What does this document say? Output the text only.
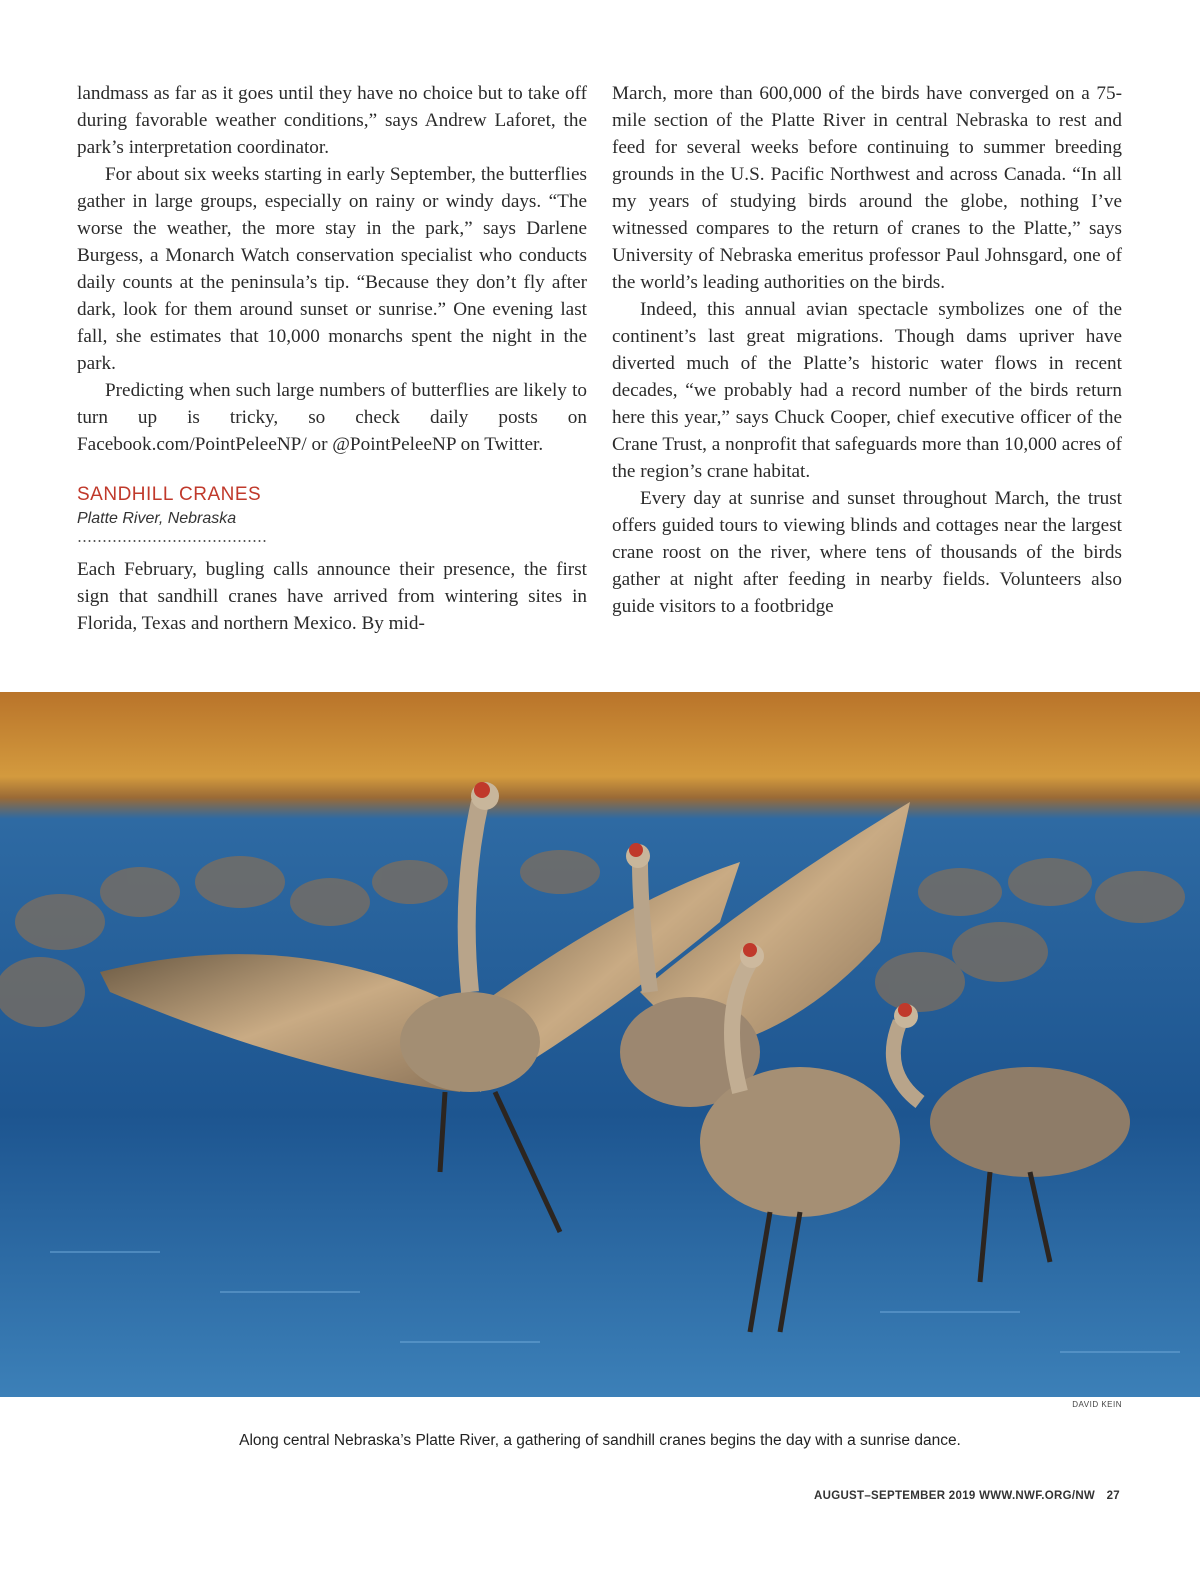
landmass as far as it goes until they have no choice but to take off during favorable weather conditions,” says Andrew Laforet, the park’s interpretation coordinator.

For about six weeks starting in early September, the butterflies gather in large groups, especially on rainy or windy days. “The worse the weather, the more stay in the park,” says Darlene Burgess, a Monarch Watch conservation specialist who conducts daily counts at the peninsula’s tip. “Because they don’t fly after dark, look for them around sunset or sunrise.” One evening last fall, she estimates that 10,000 monarchs spent the night in the park.

Predicting when such large numbers of butterflies are likely to turn up is tricky, so check daily posts on Facebook.com/PointPeleeNP/ or @PointPeleeNP on Twitter.

SANDHILL CRANES
Platte River, Nebraska

Each February, bugling calls announce their presence, the first sign that sandhill cranes have arrived from wintering sites in Florida, Texas and northern Mexico. By mid-

March, more than 600,000 of the birds have converged on a 75-mile section of the Platte River in central Nebraska to rest and feed for several weeks before continuing to summer breeding grounds in the U.S. Pacific Northwest and across Canada. “In all my years of studying birds around the globe, nothing I’ve witnessed compares to the return of cranes to the Platte,” says University of Nebraska emeritus professor Paul Johnsgard, one of the world’s leading authorities on the birds.

Indeed, this annual avian spectacle symbolizes one of the continent’s last great migrations. Though dams upriver have diverted much of the Platte’s historic water flows in recent decades, “we probably had a record number of the birds return here this year,” says Chuck Cooper, chief executive officer of the Crane Trust, a nonprofit that safeguards more than 10,000 acres of the region’s crane habitat.

Every day at sunrise and sunset throughout March, the trust offers guided tours to viewing blinds and cottages near the largest crane roost on the river, where tens of thousands of the birds gather at night after feeding in nearby fields. Volunteers also guide visitors to a footbridge

DAVID KEIN
Along central Nebraska’s Platte River, a gathering of sandhill cranes begins the day with a sunrise dance.
AUGUST–SEPTEMBER 2019 WWW.NWF.ORG/NW 27
